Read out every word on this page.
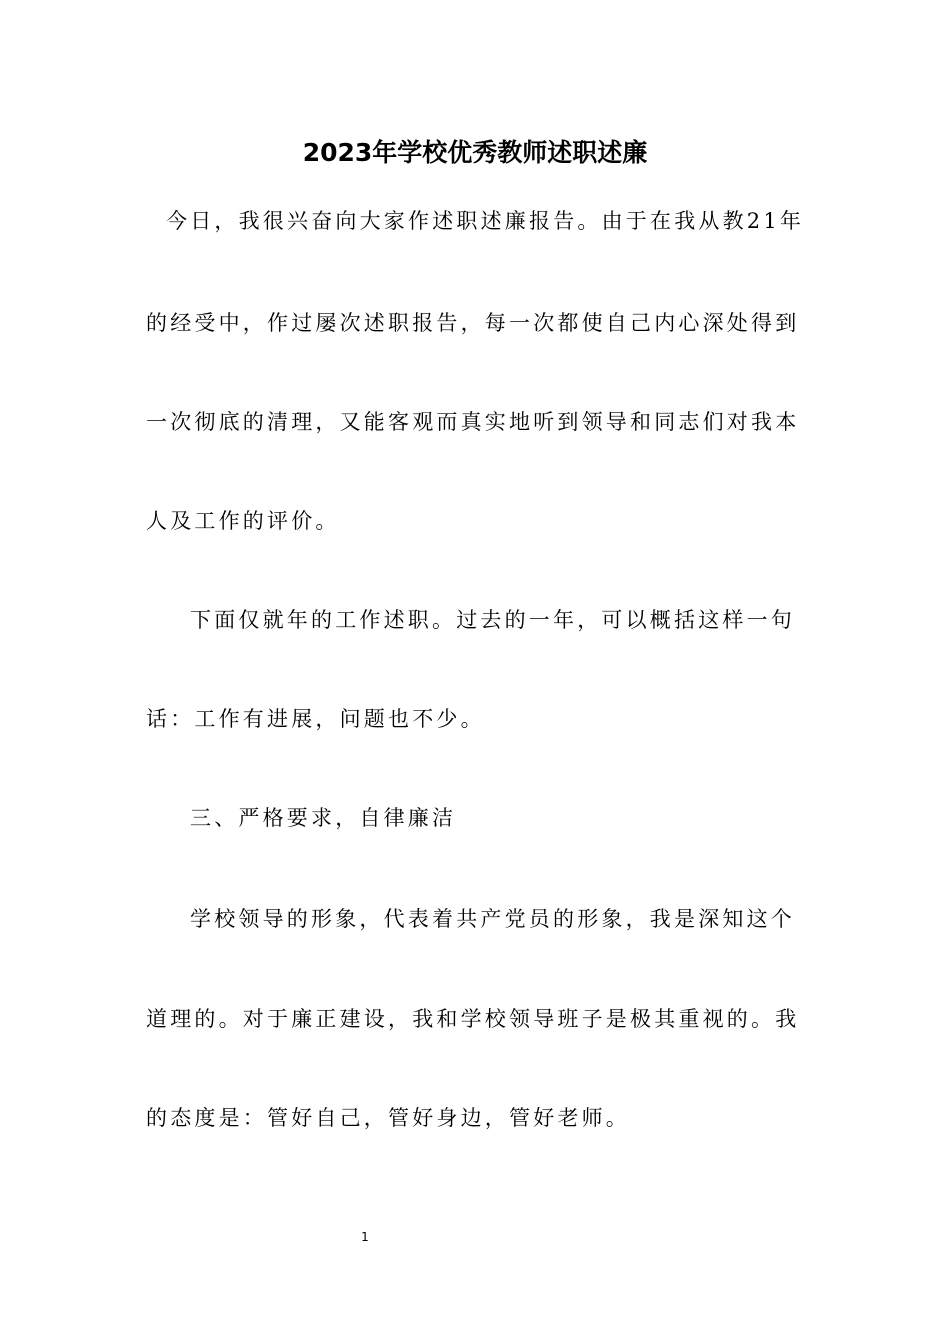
2023年学校优秀教师述职述廉

今日，我很兴奋向大家作述职述廉报告。由于在我从教21年

的经受中，作过屡次述职报告，每一次都使自己内心深处得到

一次彻底的清理，又能客观而真实地听到领导和同志们对我本

人及工作的评价。

下面仅就年的工作述职。过去的一年，可以概括这样一句

话：工作有进展，问题也不少。

三、严格要求，自律廉洁

学校领导的形象，代表着共产党员的形象，我是深知这个

道理的。对于廉正建设，我和学校领导班子是极其重视的。我

的态度是：管好自己，管好身边，管好老师。

1
